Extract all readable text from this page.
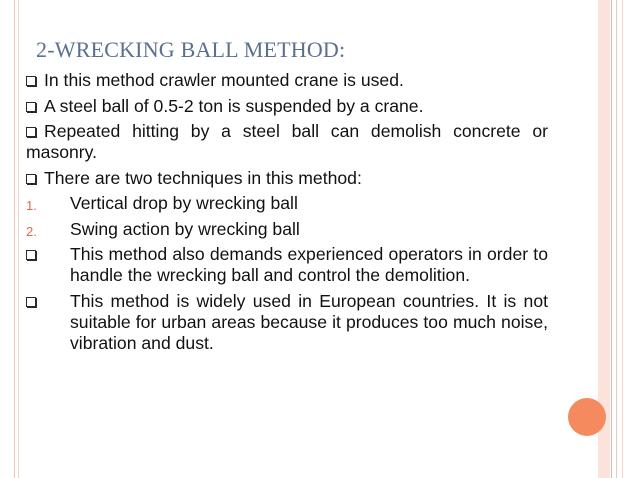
2-WRECKING BALL METHOD:
In this method crawler mounted crane is used.
A steel ball of 0.5-2 ton is suspended by a crane.
Repeated hitting by a steel ball can demolish concrete or masonry.
There are two techniques in this method:
1. Vertical drop by wrecking ball
2. Swing action by wrecking ball
This method also demands experienced operators in order to handle the wrecking ball and control the demolition.
This method is widely used in European countries. It is not suitable for urban areas because it produces too much noise, vibration and dust.
